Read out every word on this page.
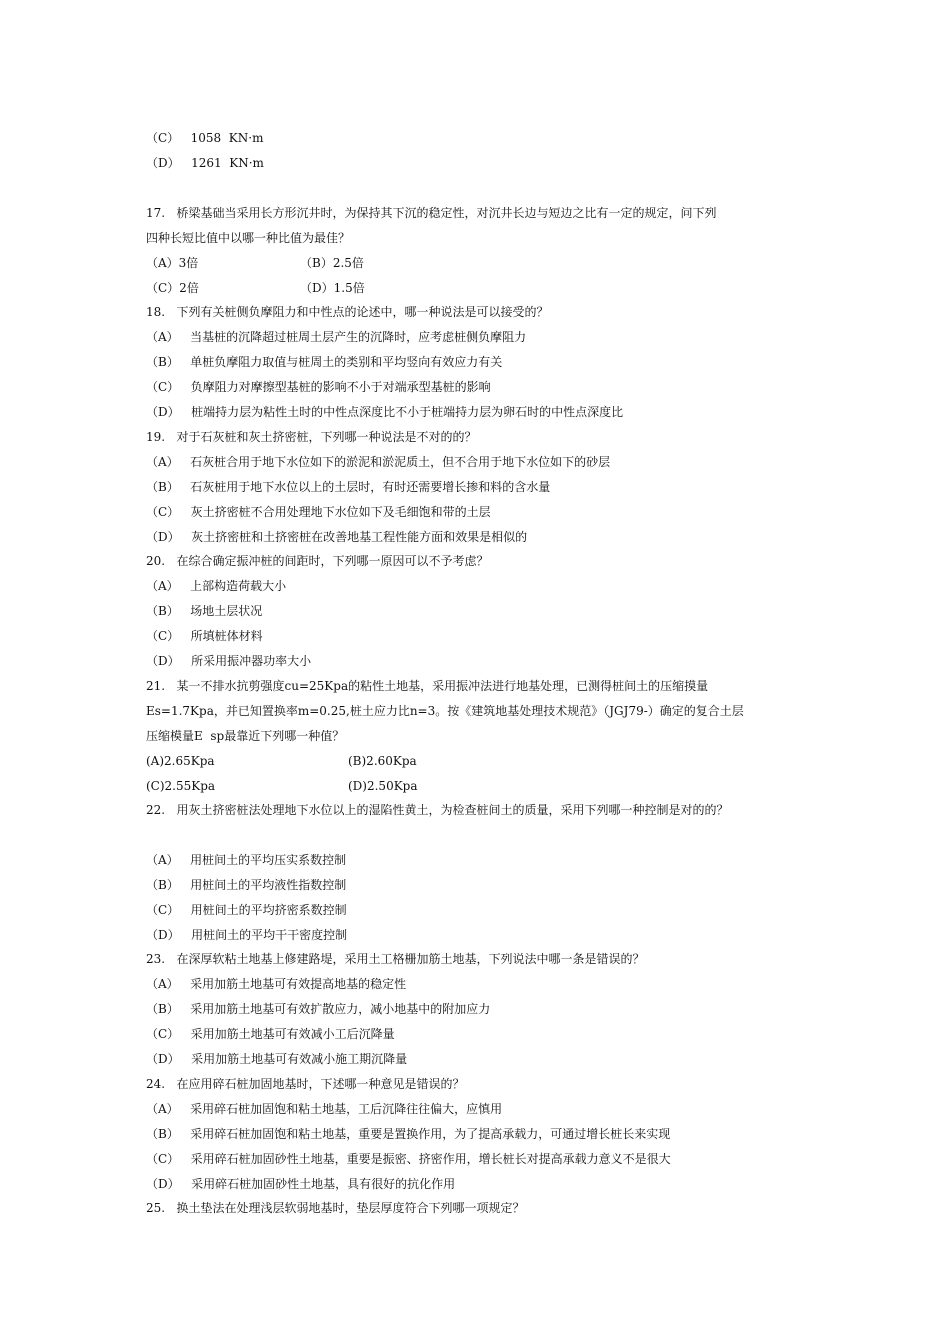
（C）   1058  KN·m
（D）   1261  KN·m
17.   桥梁基础当采用长方形沉井时，为保持其下沉的稳定性，对沉井长边与短边之比有一定的规定，问下列
四种长短比值中以哪一种比值为最佳？
（A）3倍	（B）2.5倍
（C）2倍	（D）1.5倍
18.   下列有关桩侧负摩阻力和中性点的论述中，哪一种说法是可以接受的？
（A）   当基桩的沉降超过桩周土层产生的沉降时，应考虑桩侧负摩阻力
（B）   单桩负摩阻力取值与桩周土的类别和平均竖向有效应力有关
（C）   负摩阻力对摩擦型基桩的影响不小于对端承型基桩的影响
（D）   桩端持力层为粘性土时的中性点深度比不小于桩端持力层为卵石时的中性点深度比
19.   对于石灰桩和灰土挤密桩，下列哪一种说法是不对的的？
（A）   石灰桩合用于地下水位如下的淤泥和淤泥质土，但不合用于地下水位如下的砂层
（B）   石灰桩用于地下水位以上的土层时，有时还需要增长掺和料的含水量
（C）   灰土挤密桩不合用处理地下水位如下及毛细饱和带的土层
（D）   灰土挤密桩和土挤密桩在改善地基工程性能方面和效果是相似的
20.   在综合确定振冲桩的间距时，下列哪一原因可以不予考虑？
（A）   上部构造荷载大小
（B）   场地土层状况
（C）   所填桩体材料
（D）   所采用振冲器功率大小
21.   某一不排水抗剪强度cu=25Kpa的粘性土地基，采用振冲法进行地基处理，已测得桩间土的压缩摸量
Es=1.7Kpa，并已知置换率m=0.25,桩土应力比n=3。按《建筑地基处理技术规范》（JGJ79-）确定的复合土层
压缩模量E  sp最靠近下列哪一种值？
(A)2.65Kpa	(B)2.60Kpa
(C)2.55Kpa	(D)2.50Kpa
22.   用灰土挤密桩法处理地下水位以上的湿陷性黄土，为检查桩间土的质量，采用下列哪一种控制是对的的？
（A）   用桩间土的平均压实系数控制
（B）   用桩间土的平均液性指数控制
（C）   用桩间土的平均挤密系数控制
（D）   用桩间土的平均干干密度控制
23.   在深厚软粘土地基上修建路堤，采用土工格栅加筋土地基，下列说法中哪一条是错误的？
（A）   采用加筋土地基可有效提高地基的稳定性
（B）   采用加筋土地基可有效扩散应力，减小地基中的附加应力
（C）   采用加筋土地基可有效减小工后沉降量
（D）   采用加筋土地基可有效减小施工期沉降量
24.   在应用碎石桩加固地基时，下述哪一种意见是错误的？
（A）   采用碎石桩加固饱和粘土地基，工后沉降往往偏大，应慎用
（B）   采用碎石桩加固饱和粘土地基，重要是置换作用，为了提高承载力，可通过增长桩长来实现
（C）   采用碎石桩加固砂性土地基，重要是振密、挤密作用，增长桩长对提高承载力意义不是很大
（D）   采用碎石桩加固砂性土地基，具有很好的抗化作用
25.   换土垫法在处理浅层软弱地基时，垫层厚度符合下列哪一项规定？
